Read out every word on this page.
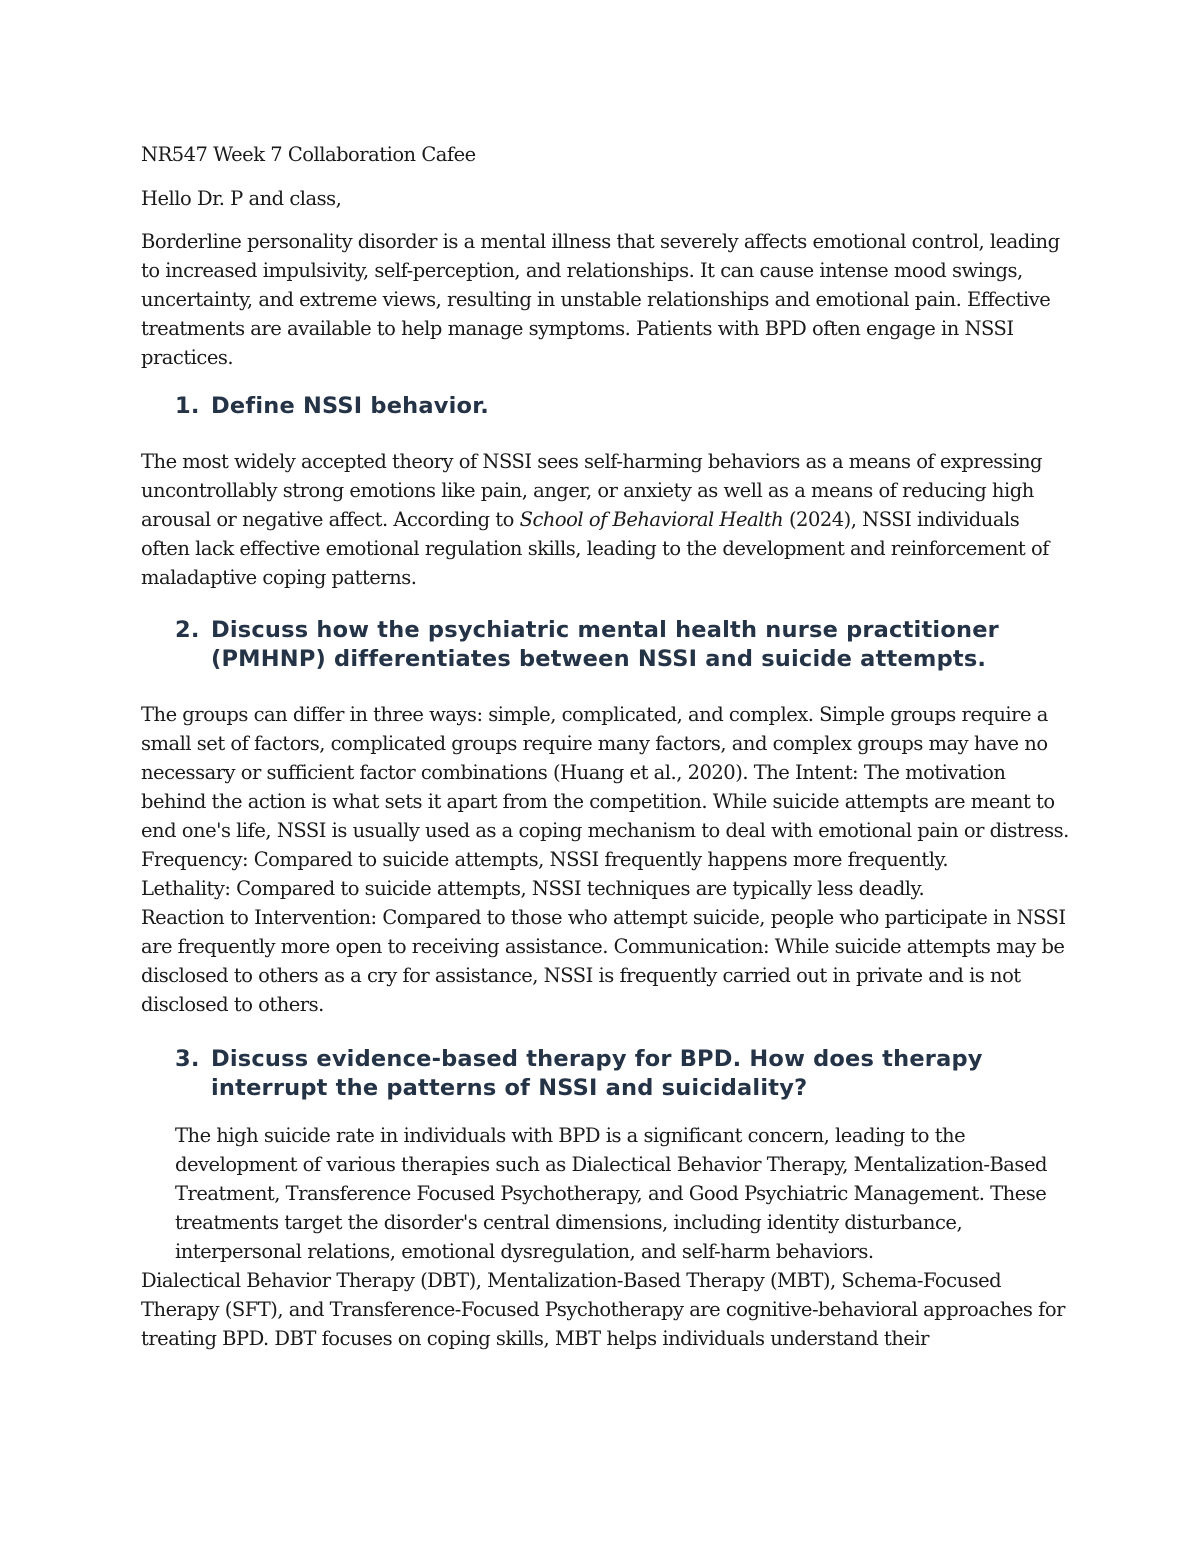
NR547 Week 7 Collaboration Cafee

Hello Dr. P and class,

Borderline personality disorder is a mental illness that severely affects emotional control, leading to increased impulsivity, self-perception, and relationships. It can cause intense mood swings, uncertainty, and extreme views, resulting in unstable relationships and emotional pain. Effective treatments are available to help manage symptoms. Patients with BPD often engage in NSSI practices.

1. Define NSSI behavior.

The most widely accepted theory of NSSI sees self-harming behaviors as a means of expressing uncontrollably strong emotions like pain, anger, or anxiety as well as a means of reducing high arousal or negative affect. According to School of Behavioral Health (2024), NSSI individuals often lack effective emotional regulation skills, leading to the development and reinforcement of maladaptive coping patterns.

2. Discuss how the psychiatric mental health nurse practitioner (PMHNP) differentiates between NSSI and suicide attempts.

The groups can differ in three ways: simple, complicated, and complex. Simple groups require a small set of factors, complicated groups require many factors, and complex groups may have no necessary or sufficient factor combinations (Huang et al., 2020). The Intent: The motivation behind the action is what sets it apart from the competition. While suicide attempts are meant to end one's life, NSSI is usually used as a coping mechanism to deal with emotional pain or distress. Frequency: Compared to suicide attempts, NSSI frequently happens more frequently.

Lethality: Compared to suicide attempts, NSSI techniques are typically less deadly.

Reaction to Intervention: Compared to those who attempt suicide, people who participate in NSSI are frequently more open to receiving assistance. Communication: While suicide attempts may be disclosed to others as a cry for assistance, NSSI is frequently carried out in private and is not disclosed to others.

3. Discuss evidence-based therapy for BPD. How does therapy interrupt the patterns of NSSI and suicidality?

The high suicide rate in individuals with BPD is a significant concern, leading to the development of various therapies such as Dialectical Behavior Therapy, Mentalization-Based Treatment, Transference Focused Psychotherapy, and Good Psychiatric Management. These treatments target the disorder's central dimensions, including identity disturbance, interpersonal relations, emotional dysregulation, and self-harm behaviors.

Dialectical Behavior Therapy (DBT), Mentalization-Based Therapy (MBT), Schema-Focused Therapy (SFT), and Transference-Focused Psychotherapy are cognitive-behavioral approaches for treating BPD. DBT focuses on coping skills, MBT helps individuals understand their
